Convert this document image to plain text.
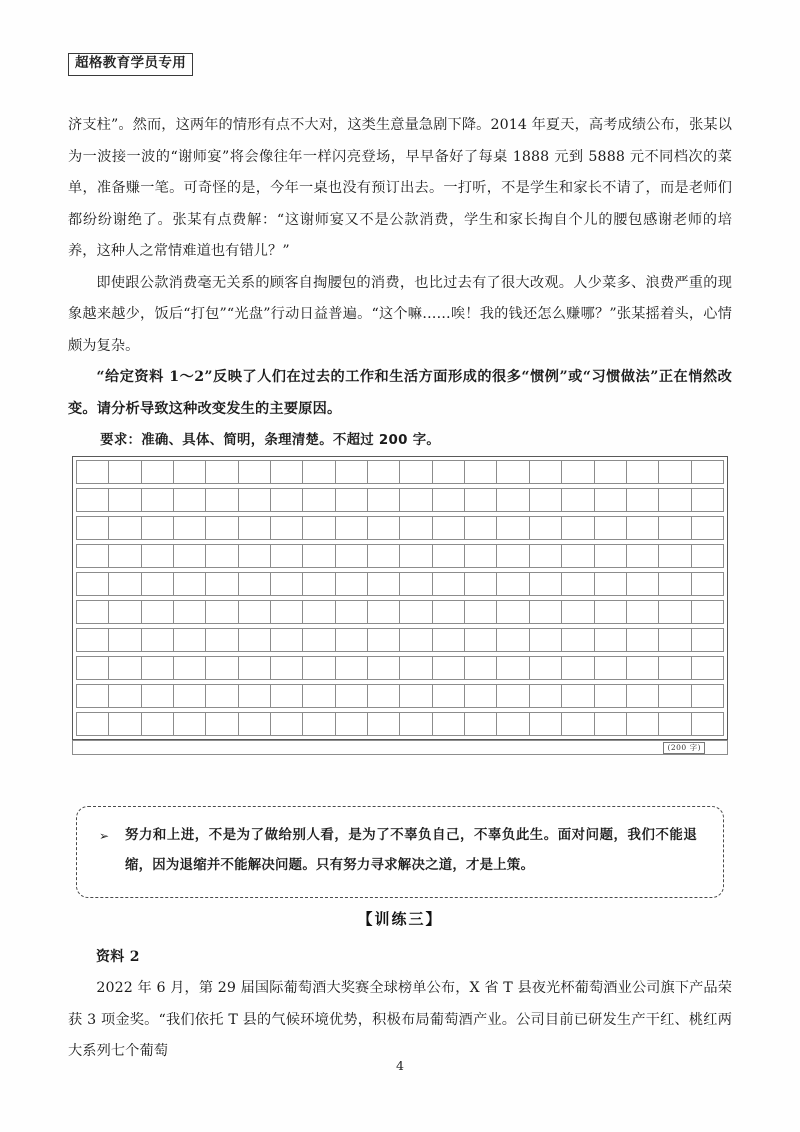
超格教育学员专用

济支柱”。然而，这两年的情形有点不大对，这类生意量急剧下降。2014 年夏天，高考成绩公布，张某以为一波接一波的“谢师宴”将会像往年一样闪亮登场，早早备好了每桌 1888 元到 5888 元不同档次的菜单，准备赚一笔。可奇怪的是，今年一桌也没有预订出去。一打听，不是学生和家长不请了，而是老师们都纷纷谢绝了。张某有点费解：“这谢师宴又不是公款消费，学生和家长掏自个儿的腰包感谢老师的培养，这种人之常情难道也有错儿？”

即使跟公款消费毫无关系的顾客自掏腰包的消费，也比过去有了很大改观。人少菜多、浪费严重的现象越来越少，饭后“打包”“光盘”行动日益普遍。“这个嘛……唉！我的钱还怎么赚哪？”张某摇着头，心情颇为复杂。

“给定资料 1～2”反映了人们在过去的工作和生活方面形成的很多“惯例”或“习惯做法”正在悄然改变。请分析导致这种改变发生的主要原因。

要求：准确、具体、简明，条理清楚。不超过 200 字。

(200 字)
➢	努力和上进，不是为了做给别人看，是为了不辜负自己，不辜负此生。面对问题，我们不能退缩，因为退缩并不能解决问题。只有努力寻求解决之道，才是上策。
【训练三】

资料 2

2022 年 6 月，第 29 届国际葡萄酒大奖赛全球榜单公布，X 省 T 县夜光杯葡萄酒业公司旗下产品荣获 3 项金奖。“我们依托 T 县的气候环境优势，积极布局葡萄酒产业。公司目前已研发生产干红、桃红两大系列七个葡萄

4
